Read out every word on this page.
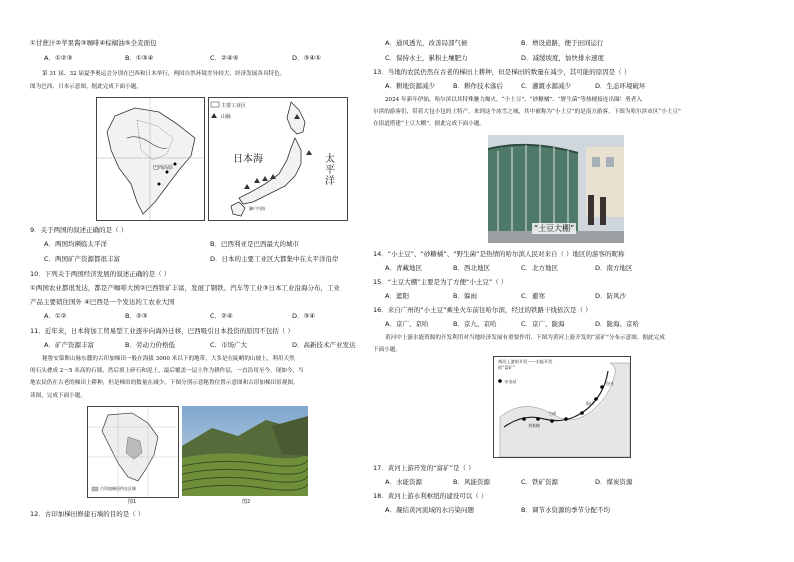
①甘蔗汁②苹果酱③咖啡④棕榈油⑤全麦面包
A．①②③	B．①③④	C．②④⑤	D．③④⑤
第 31 届、32 届夏季奥运会分别在巴西和日本举行，两国自然环境差异较大，经济发展各具特色。
图为巴西、日本示意图。据此完成下面小题。
巴西高原
主要工业区
山脉
日本海	太平洋
濑户内海
9．关于两国的叙述正确的是（ ）
A．两国均濒临太平洋	B．巴西利亚是巴西最大的城市
C．两国矿产资源都很丰富	D．日本的主要工业区大都集中在太平洋沿岸
10．下列关于两国经济发展的叙述正确的是（ ）
①两国农业都很发达，都是产咖啡大国②巴西铁矿丰富，发展了钢铁、汽车等工业③日本工业沿海分布，工业
产品主要销往国外 ④巴西是一个发达的工农业大国
A．①②	B．②③	C．②④	D．③④
11．近年来，日本将加工贸易型工业逐步向海外迁移，巴西吸引日本投资的原因不包括（ ）
A．矿产资源丰富	B．劳动力价格低	C．市场广大	D．高新技术产业发达
秘鲁安第斯山脉东麓的古印加梯田一般在海拔 3000 米以下的地带，大多是在陡峭的山坡上，利用天然
的石头叠成 2～5 米高的石墙，然后填上碎石和泥土，最后覆盖一层土作为耕作层，一直沿用至今。现如今，当
地农民仍在古老的梯田上耕种，但是梯田的数量在减少。下图分别示意秘鲁位置示意图和古印加梯田景观图。
读图，完成下面小题。
古印加梯田所在区域
图1	图2
12．古印加梯田修建石墙的目的是（ ）
A．通风透光，改善局部气候	B．增设道路，便于田间运行
C．保持水土，累积土壤肥力	D．减缓坡度，加快排水速度
13．当地的农民仍然在古老的梯田上耕种，但是梯田的数量在减少，其可能的原因是（ ）
A．耕地资源减少	B．耕作技术落后	C．灌溉水源减少	D．生态环境破坏
2024 年新年伊始，哈尔滨以其特殊魅力爆火，“小土豆”、“砂糖橘”、“野生菌”等热梗接连出圈！勇者入
尔滨的游客们，带着大包小包的土特产，来到这个冰雪之城，其中被称为“小土豆”的是南方游客。下图为哈尔滨市区“小土豆”
在街道搭建“土豆大棚”。据此完成下面小题。
“土豆大棚”
14．“小土豆”、“砂糖橘”、“野生菌”是热情的哈尔滨人民对来自（ ）地区的游客的昵称
A．青藏地区	B．西北地区	C．北方地区	D．南方地区
15．“土豆大棚”主要是为了方便“小土豆”（ ）
A．遮阳	B．躲雨	C．避寒	D．防风沙
16．来自广州的“小土豆”乘坐火车前往哈尔滨，经过的铁路干线依次是（ ）
A．京广、京哈	B．京九、京哈	C．京广、陇海	D．陇海、京哈
黄河中上游水能资源的开发利用对当地经济发展有重要作用，下图为黄河上游开发的“富矿”分布示意图。据此完成
下面小题。
黄河上游的开发——水能开发
的“富矿”
水电站
刘家峡
兰州
银川
包头
17．黄河上游开发的“富矿”是（ ）
A．水能资源	B．风能资源	C．铁矿资源	D．煤炭资源
18．黄河上游水利枢纽的建设可以（ ）
A．凝结黄河流域的水污染问题	B．调节水资源的季节分配不均
